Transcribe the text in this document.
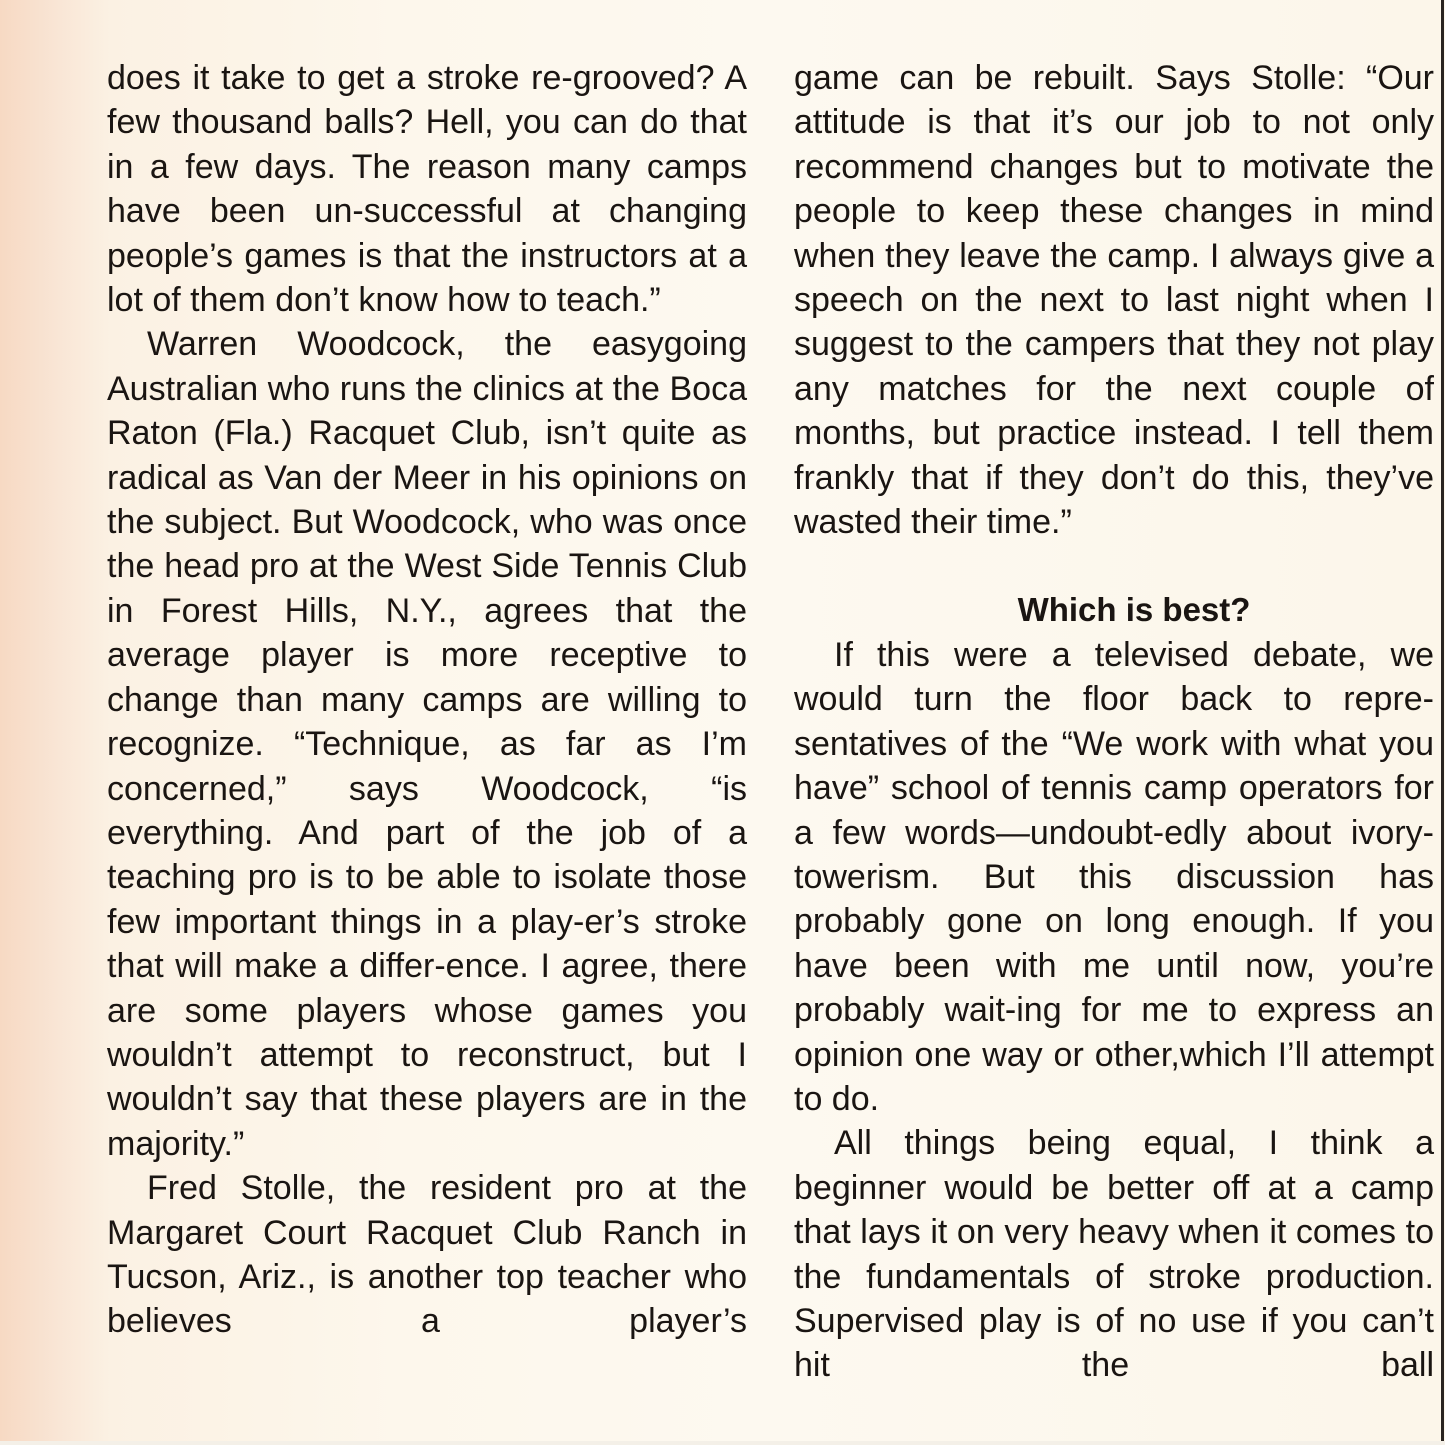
does it take to get a stroke re-grooved? A few thousand balls? Hell, you can do that in a few days. The reason many camps have been un-successful at changing people’s games is that the instructors at a lot of them don’t know how to teach.”

Warren Woodcock, the easygoing Australian who runs the clinics at the Boca Raton (Fla.) Racquet Club, isn’t quite as radical as Van der Meer in his opinions on the subject. But Woodcock, who was once the head pro at the West Side Tennis Club in Forest Hills, N.Y., agrees that the average player is more receptive to change than many camps are willing to recognize. “Technique, as far as I’m concerned,” says Woodcock, “is everything. And part of the job of a teaching pro is to be able to isolate those few important things in a play-er’s stroke that will make a differ-ence. I agree, there are some players whose games you wouldn’t attempt to reconstruct, but I wouldn’t say that these players are in the majority.”

Fred Stolle, the resident pro at the Margaret Court Racquet Club Ranch in Tucson, Ariz., is another top teacher who believes a player’s

game can be rebuilt. Says Stolle: “Our attitude is that it’s our job to not only recommend changes but to motivate the people to keep these changes in mind when they leave the camp. I always give a speech on the next to last night when I suggest to the campers that they not play any matches for the next couple of months, but practice instead. I tell them frankly that if they don’t do this, they’ve wasted their time.”

Which is best?

If this were a televised debate, we would turn the floor back to repre-sentatives of the “We work with what you have” school of tennis camp operators for a few words—undoubt-edly about ivory-towerism. But this discussion has probably gone on long enough. If you have been with me until now, you’re probably wait-ing for me to express an opinion one way or other,which I’ll attempt to do.

All things being equal, I think a beginner would be better off at a camp that lays it on very heavy when it comes to the fundamentals of stroke production. Supervised play is of no use if you can’t hit the ball
